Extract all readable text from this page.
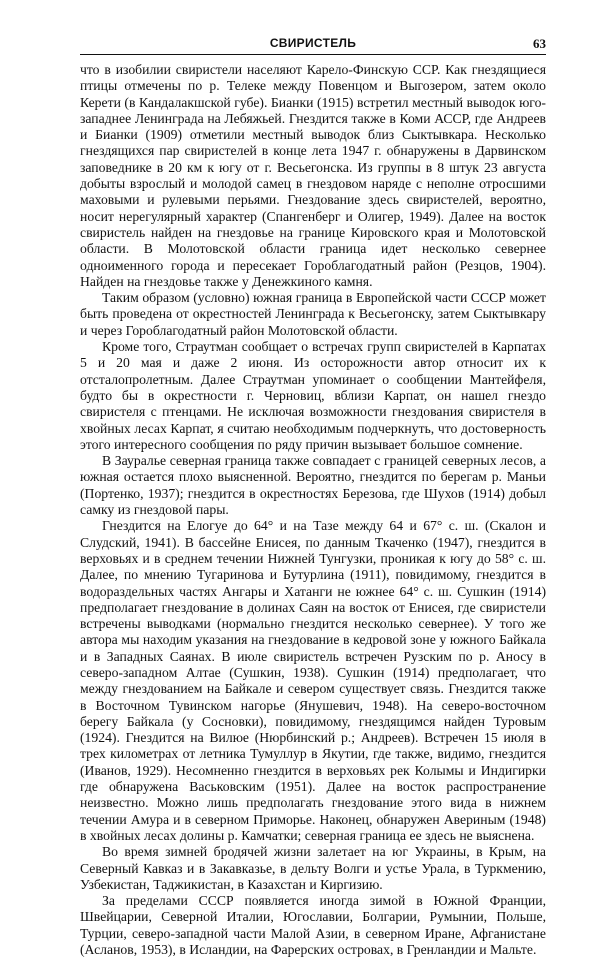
СВИРИСТЕЛЬ	63

что в изобилии свиристели населяют Карело-Финскую ССР. Как гнездящиеся птицы отмечены по р. Телеке между Повенцом и Выгозером, затем около Керети (в Кандалакшской губе). Бианки (1915) встретил местный выводок юго-западнее Ленинграда на Лебяжьей. Гнездится также в Коми АССР, где Андреев и Бианки (1909) отметили местный выводок близ Сыктывкара. Несколько гнездящихся пар свиристелей в конце лета 1947 г. обнаружены в Дарвинском заповеднике в 20 км к югу от г. Весьегонска. Из группы в 8 штук 23 августа добыты взрослый и молодой самец в гнездовом наряде с неполне отросшими маховыми и рулевыми перьями. Гнездование здесь свиристелей, вероятно, носит нерегулярный характер (Спангенберг и Олигер, 1949). Далее на восток свиристель найден на гнездовье на границе Кировского края и Молотовской области. В Молотовской области граница идет несколько севернее одноименного города и пересекает Гороблагодатный район (Резцов, 1904). Найден на гнездовье также у Денежкиного камня.

Таким образом (условно) южная граница в Европейской части СССР может быть проведена от окрестностей Ленинграда к Весьегонску, затем Сыктывкару и через Гороблагодатный район Молотовской области.

Кроме того, Страутман сообщает о встречах групп свиристелей в Карпатах 5 и 20 мая и даже 2 июня. Из осторожности автор относит их к отсталопролетным. Далее Страутман упоминает о сообщении Мантейфеля, будто бы в окрестности г. Черновиц, вблизи Карпат, он нашел гнездо свиристеля с птенцами. Не исключая возможности гнездования свиристеля в хвойных лесах Карпат, я считаю необходимым подчеркнуть, что достоверность этого интересного сообщения по ряду причин вызывает большое сомнение.

В Зауралье северная граница также совпадает с границей северных лесов, а южная остается плохо выясненной. Вероятно, гнездится по берегам р. Маньи (Портенко, 1937); гнездится в окрестностях Березова, где Шухов (1914) добыл самку из гнездовой пары.

Гнездится на Елогуе до 64° и на Тазе между 64 и 67° с. ш. (Скалон и Слудский, 1941). В бассейне Енисея, по данным Ткаченко (1947), гнездится в верховьях и в среднем течении Нижней Тунгузки, проникая к югу до 58° с. ш. Далее, по мнению Тугаринова и Бутурлина (1911), повидимому, гнездится в водораздельных частях Ангары и Хатанги не южнее 64° с. ш. Сушкин (1914) предполагает гнездование в долинах Саян на восток от Енисея, где свиристели встречены выводками (нормально гнездится несколько севернее). У того же автора мы находим указания на гнездование в кедровой зоне у южного Байкала и в Западных Саянах. В июле свиристель встречен Рузским по р. Аносу в северо-западном Алтае (Сушкин, 1938). Сушкин (1914) предполагает, что между гнездованием на Байкале и севером существует связь. Гнездится также в Восточном Тувинском нагорье (Янушевич, 1948). На северо-восточном берегу Байкала (у Сосновки), повидимому, гнездящимся найден Туровым (1924). Гнездится на Вилюе (Нюрбинский р.; Андреев). Встречен 15 июля в трех километрах от летника Тумуллур в Якутии, где также, видимо, гнездится (Иванов, 1929). Несомненно гнездится в верховьях рек Колымы и Индигирки где обнаружена Васьковским (1951). Далее на восток распространение неизвестно. Можно лишь предполагать гнездование этого вида в нижнем течении Амура и в северном Приморье. Наконец, обнаружен Авериным (1948) в хвойных лесах долины р. Камчатки; северная граница ее здесь не выяснена.

Во время зимней бродячей жизни залетает на юг Украины, в Крым, на Северный Кавказ и в Закавказье, в дельту Волги и устье Урала, в Туркмению, Узбекистан, Таджикистан, в Казахстан и Киргизию.

За пределами СССР появляется иногда зимой в Южной Франции, Швейцарии, Северной Италии, Югославии, Болгарии, Румынии, Польше, Турции, северо-западной части Малой Азии, в северном Иране, Афганистане (Асланов, 1953), в Исландии, на Фарерских островах, в Гренландии и Мальте.
